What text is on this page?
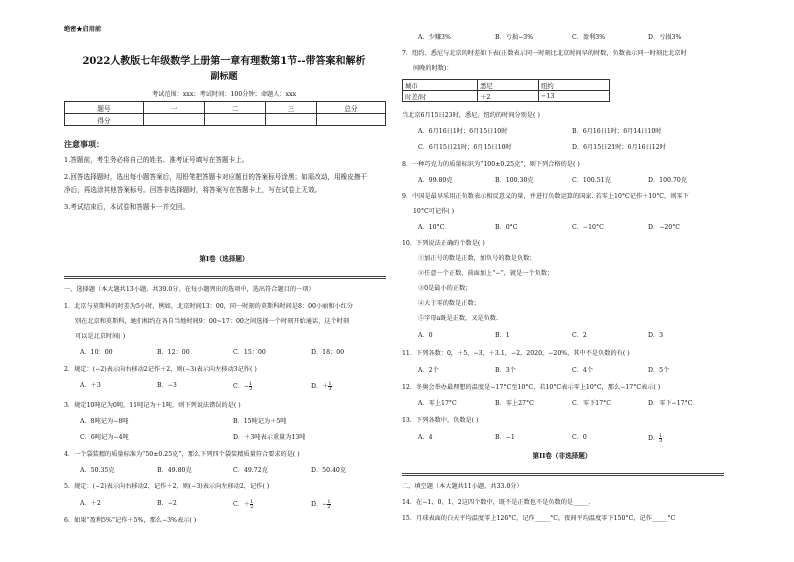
绝密★启用前
2022人教版七年级数学上册第一章有理数第1节--带答案和解析
副标题
考试范围：xxx；考试时间：100分钟；命题人：xxx
题号	一	二	三	总分
得分				
注意事项：
1.答题前，考生务必将自己的姓名、准考证号填写在答题卡上。
2.回答选择题时，选出每小题答案后，用铅笔把答题卡对应题目的答案标号涂黑；如需改动，用橡皮擦干
净后，再选涂其他答案标号。回答非选择题时，将答案写在答题卡上，写在试卷上无效。
3.考试结束后，本试卷和答题卡一并交回。
第I卷（选择题）
一、选择题（本大题共13小题，共39.0分。在每小题列出的选项中，选出符合题目的一项）
1．北京与莫斯科的时差为5小时，例如，北京时间13：00，同一时刻的莫斯科时间是8：00小丽和小红分
别在北京和莫斯科，她们相约在各自当地时间9：00~17：00之间选择一个时刻开始通话，这个时刻
可以是北京时间( )
A．10：00	B．12：00	C．15：00	D．18：00
2．规定：(−2)表示向右移动2记作＋2，则(−3)表示向左移动3记作( )
A．＋3	B．−3	C．− $\frac{1}{3}$	D．＋ $\frac{1}{3}$
3．规定10吨记为0吨，11吨记为＋1吨，则下列说法错误的是( )
A．8吨记为−8吨	B．15吨记为＋5吨
C．6吨记为−4吨	D．＋3吨表示重量为13吨
4．一个袋装精的质量标准为“50±0.25克”，那么下列四个袋装精质量符合要求的是( )
A．50.35克	B．49.80克	C．49.72克	D．50.40克
5．规定：(−2)表示向右移动2，记作＋2，则(−3)表示向左移动2，记作( )
A．＋2	B．−2	C．＋ $\frac{1}{2}$	D．− $\frac{1}{2}$
6．如果“盈利5%”记作＋5%，那么−3%表示( )
A．少赚3%	B．亏损−3%	C．盈利3%	D．亏损3%
7．纽约、悉尼与北京的时差如下表(正数表示同一时刻比北京时间早的时数，负数表示同一时刻比北京时
间晚的时数)：
城市	悉尼	纽约
时差/时	＋2	−13
当北京6月15日23时，悉尼、纽约的时间分别是( )
A．6月16日1时；6月15日10时	B．6月16日1时；6月14日10时
C．6月15日21时；6月15日10时	D．6月15日21时；6月16日12时
8．一种巧克力的质量标识为“100±0.25克”，则下列合格的是( )
A．99.80克	B．100.30克	C．100.51克	D．100.70克
9．中国是最早采用正负数表示相反意义的量，并进行负数运算的国家. 若零上10°C记作＋10°C，则零下
10°C可记作( )
A．10°C	B．0°C	C．−10°C	D．−20°C
10．下列说法正确的个数是( )
①加正号的数是正数，加负号的数是负数；
②任意一个正数，前面加上“−”，就是一个负数；
③0是最小的正数；
④大于零的数是正数；
⑤字母a既是正数，又是负数.
A．0	B．1	C．2	D．3
11．下列各数：0，＋5，−3，＋3.1，−2，2020，−20%，其中不是负数的有( )
A．2个	B．3个	C．4个	D．5个
12．冬奥会举办最理想的温度是−17°C至10°C，若10°C表示零上10°C，那么−17°C表示( )
A．零上17°C	B．零上27°C	C．零下17°C	D．零下−17°C
13．下列各数中，负数是( )
A．4	B．−1	C．0	D． $\frac{1}{3}$
第II卷（非选择题）
二、填空题（本大题共11小题，共33.0分）
14．在−1、0、1、2这四个数中，既不是正数也不是负数的是_____．
15．月球表面的白天平均温度零上126°C，记作_____°C，夜间平均温度零下150°C，记作_____°C
